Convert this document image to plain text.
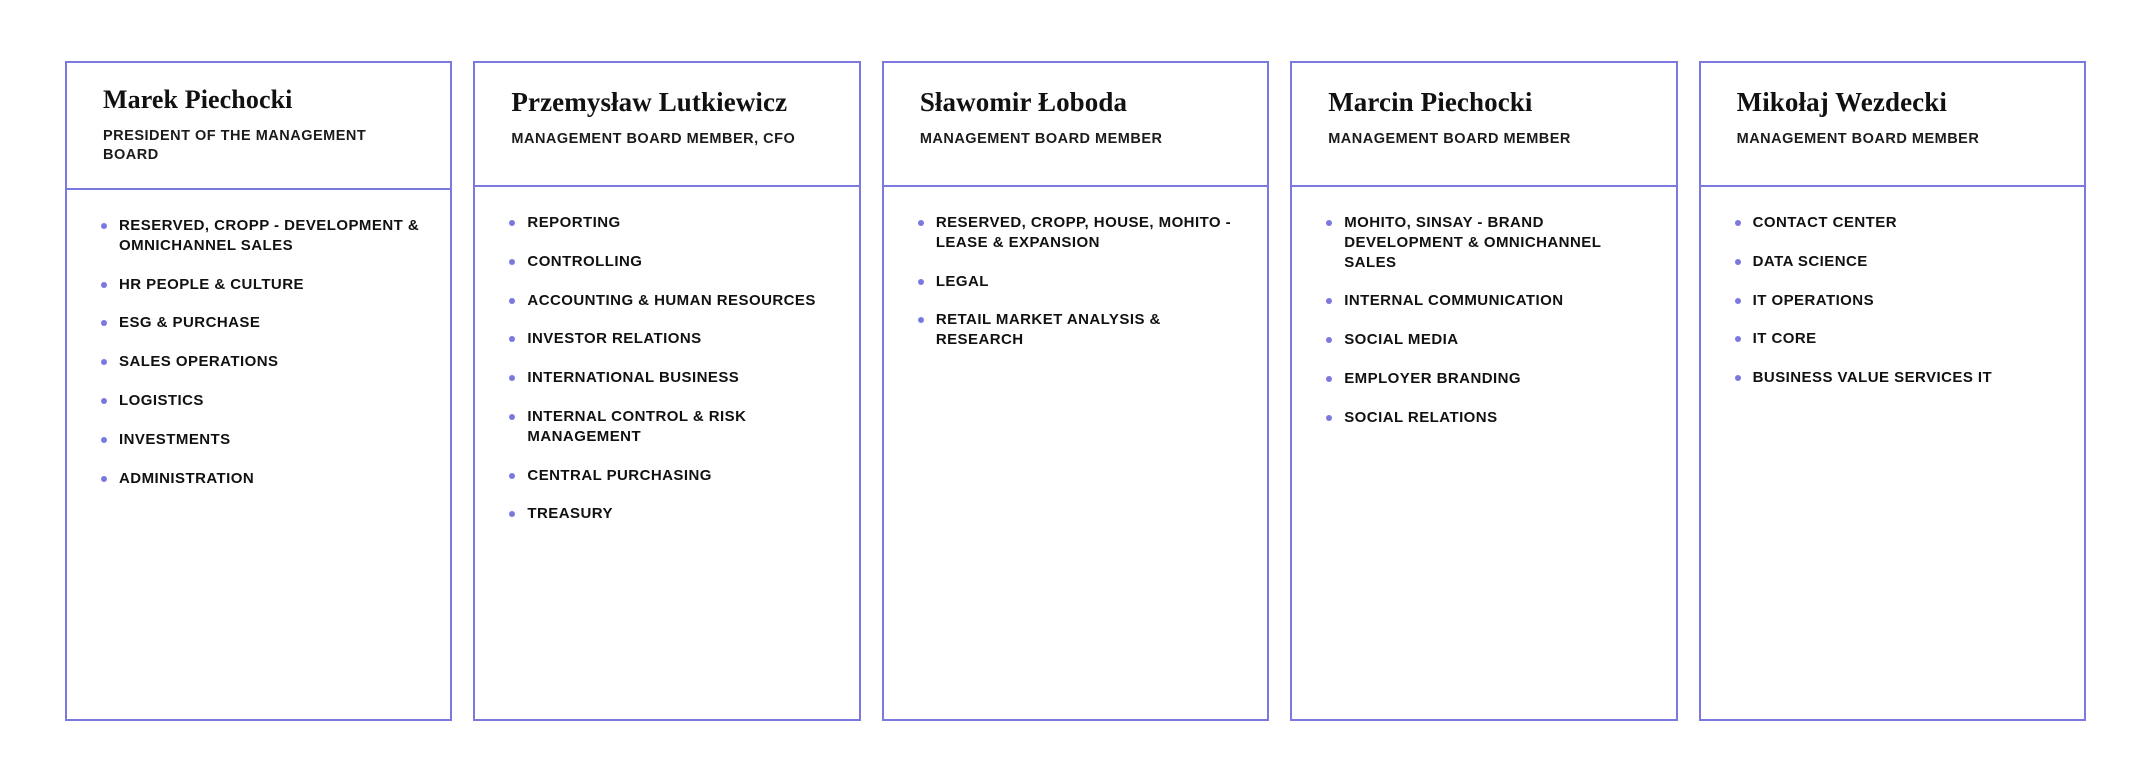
Marek Piechocki
PRESIDENT OF THE MANAGEMENT BOARD
RESERVED, CROPP - DEVELOPMENT & OMNICHANNEL SALES
HR PEOPLE & CULTURE
ESG & PURCHASE
SALES OPERATIONS
LOGISTICS
INVESTMENTS
ADMINISTRATION
Przemysław Lutkiewicz
MANAGEMENT BOARD MEMBER, CFO
REPORTING
CONTROLLING
ACCOUNTING & HUMAN RESOURCES
INVESTOR RELATIONS
INTERNATIONAL BUSINESS
INTERNAL CONTROL & RISK MANAGEMENT
CENTRAL PURCHASING
TREASURY
Sławomir Łoboda
MANAGEMENT BOARD MEMBER
RESERVED, CROPP, HOUSE, MOHITO - LEASE & EXPANSION
LEGAL
RETAIL MARKET ANALYSIS & RESEARCH
Marcin Piechocki
MANAGEMENT BOARD MEMBER
MOHITO, SINSAY - BRAND DEVELOPMENT & OMNICHANNEL SALES
INTERNAL COMMUNICATION
SOCIAL MEDIA
EMPLOYER BRANDING
SOCIAL RELATIONS
Mikołaj Wezdecki
MANAGEMENT BOARD MEMBER
CONTACT CENTER
DATA SCIENCE
IT OPERATIONS
IT CORE
BUSINESS VALUE SERVICES IT
